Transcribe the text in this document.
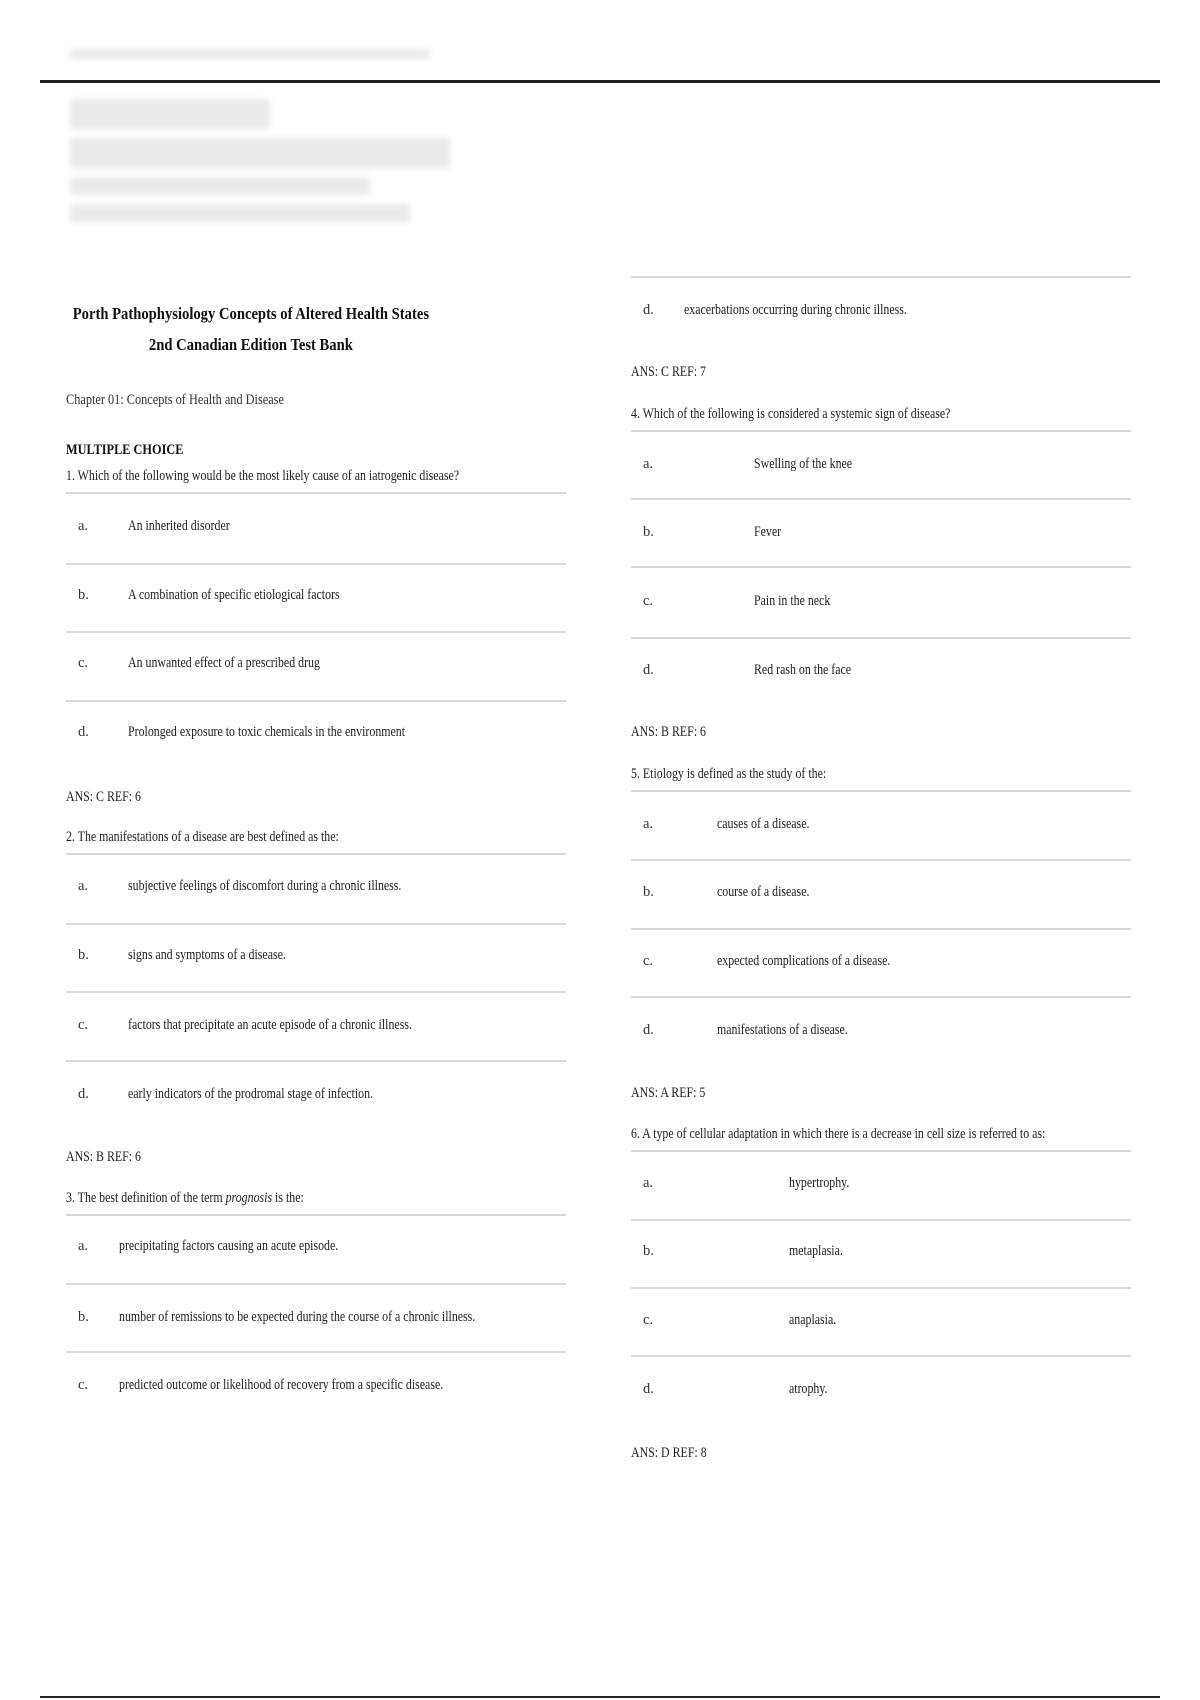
Porth Pathophysiology Concepts of Altered Health States 2nd Canadian Edition Test Bank
Chapter 01: Concepts of Health and Disease
MULTIPLE CHOICE
1. Which of the following would be the most likely cause of an iatrogenic disease?
a.	An inherited disorder
b.	A combination of specific etiological factors
c.	An unwanted effect of a prescribed drug
d.	Prolonged exposure to toxic chemicals in the environment
ANS: C REF: 6
2. The manifestations of a disease are best defined as the:
a.	subjective feelings of discomfort during a chronic illness.
b.	signs and symptoms of a disease.
c.	factors that precipitate an acute episode of a chronic illness.
d.	early indicators of the prodromal stage of infection.
ANS: B REF: 6
3. The best definition of the term prognosis is the:
a. precipitating factors causing an acute episode.
b. number of remissions to be expected during the course of a chronic illness.
c. predicted outcome or likelihood of recovery from a specific disease.
d. exacerbations occurring during chronic illness.
ANS: C REF: 7
4. Which of the following is considered a systemic sign of disease?
a.	Swelling of the knee
b.	Fever
c.	Pain in the neck
d.	Red rash on the face
ANS: B REF: 6
5. Etiology is defined as the study of the:
a.	causes of a disease.
b.	course of a disease.
c.	expected complications of a disease.
d.	manifestations of a disease.
ANS: A REF: 5
6. A type of cellular adaptation in which there is a decrease in cell size is referred to as:
a.	hypertrophy.
b.	metaplasia.
c.	anaplasia.
d.	atrophy.
ANS: D REF: 8
